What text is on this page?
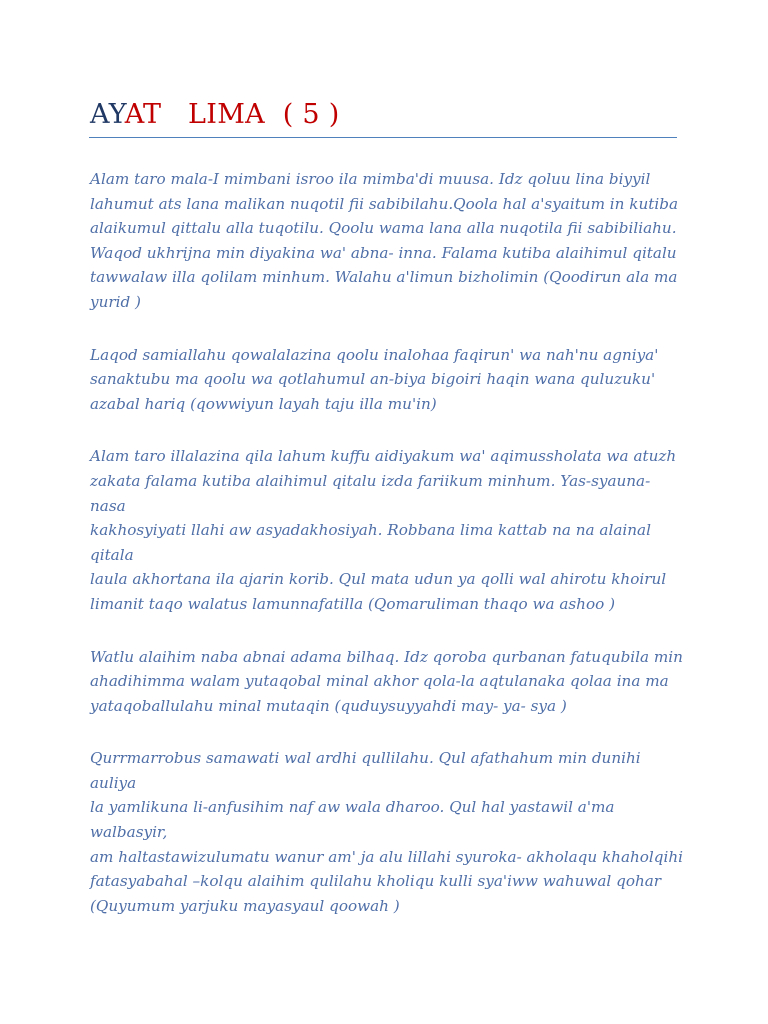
AYAT   LIMA  ( 5 )

Alam taro mala-I mimbani isroo ila mimba'di muusa. Idz qoluu lina biyyil
lahumut ats lana malikan nuqotil fii sabibilahu.Qoola hal a'syaitum in kutiba
alaikumul qittalu alla tuqotilu. Qoolu wama lana alla nuqotila fii sabibiliahu.
Waqod ukhrijna min diyakina wa' abna- inna. Falama kutiba alaihimul qitalu
tawwalaw illa qolilam minhum. Walahu a'limun bizholimin (Qoodirun ala ma
yurid )

Laqod samiallahu qowalalazina qoolu inalohaa faqirun' wa nah'nu agniya'
sanaktubu ma qoolu wa qotlahumul an-biya bigoiri haqin wana quluzuku'
azabal hariq (qowwiyun layah taju illa mu'in)

Alam taro illalazina qila lahum kuffu aidiyakum wa' aqimussholata wa atuzh
zakata falama kutiba alaihimul qitalu izda fariikum minhum. Yas-syauna- nasa
kakhosyiyati llahi aw asyadakhosiyah. Robbana lima kattab na na alainal qitala
laula akhortana ila ajarin korib. Qul mata udun ya qolli wal ahirotu khoirul
limanit taqo walatus lamunnafatilla (Qomaruliman thaqo wa ashoo )

Watlu alaihim naba abnai adama bilhaq. Idz qoroba qurbanan fatuqubila min
ahadihimma walam yutaqobal minal akhor qola-la aqtulanaka qolaa ina ma
yataqoballulahu minal mutaqin (quduysuyyahdi may- ya- sya )

Qurrmarrobus samawati wal ardhi qullilahu. Qul afathahum min dunihi auliya
la yamlikuna li-anfusihim naf aw wala dharoo. Qul hal yastawil a'ma walbasyir,
am haltastawizulumatu wanur am' ja alu lillahi syuroka- akholaqu khaholqihi
fatasyabahal –kolqu alaihim qulilahu kholiqu kulli sya'iww wahuwal qohar
(Quyumum yarjuku mayasyaul qoowah )
